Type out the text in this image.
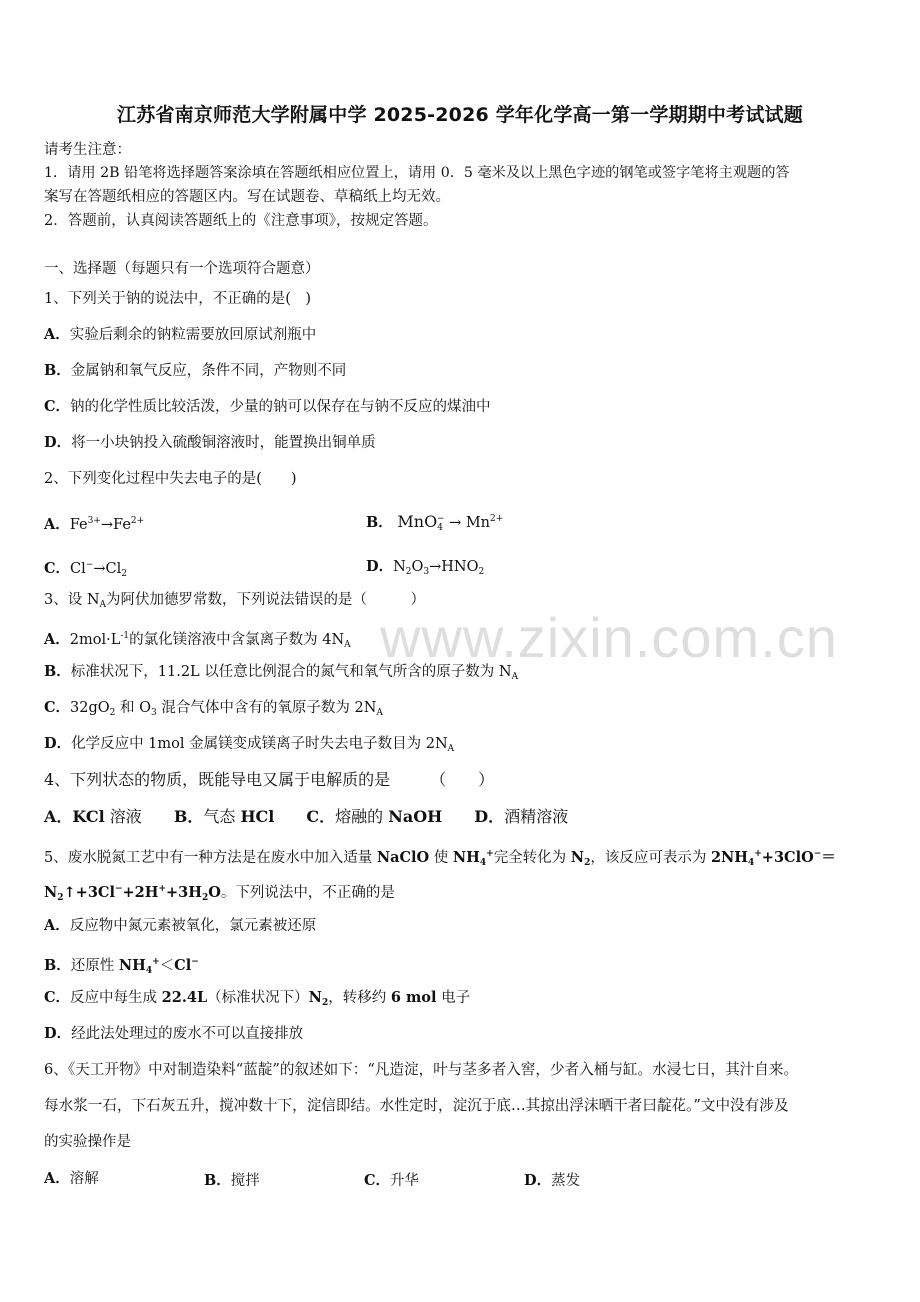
江苏省南京师范大学附属中学 2025-2026 学年化学高一第一学期期中考试试题
请考生注意：
1．请用 2B 铅笔将选择题答案涂填在答题纸相应位置上，请用 0．5 毫米及以上黑色字迹的钢笔或签字笔将主观题的答
案写在答题纸相应的答题区内。写在试题卷、草稿纸上均无效。
2．答题前，认真阅读答题纸上的《注意事项》，按规定答题。
一、选择题（每题只有一个选项符合题意）
1、下列关于钠的说法中，不正确的是(　)
A．实验后剩余的钠粒需要放回原试剂瓶中
B．金属钠和氧气反应，条件不同，产物则不同
C．钠的化学性质比较活泼，少量的钠可以保存在与钠不反应的煤油中
D．将一小块钠投入硫酸铜溶液时，能置换出铜单质
2、下列变化过程中失去电子的是(　　)
A．$Fe^{3+}\to Fe^{2+}$	B． $MnO_4^- \to Mn^{2+}$
C．$Cl^-\to Cl_2$	D．$N_2O_3\to HNO_2$
3、设 $N_A$为阿伏加德罗常数，下列说法错误的是（　　　）
A．$2mol\cdot L^{-1}$的氯化镁溶液中含氯离子数为 $4N_A$
B．标准状况下，11.2L 以任意比例混合的氮气和氧气所含的原子数为 $N_A$
C．$32gO_2$ 和 $O_3$ 混合气体中含有的氧原子数为 $2N_A$
D．化学反应中 1mol 金属镁变成镁离子时失去电子数目为 $2N_A$
www.zixin.com.cn
4、下列状态的物质，既能导电又属于电解质的是　　　（　　）
A．KCl 溶液　　B．气态 HCl　　 C．熔融的 NaOH　　 D．酒精溶液
5、废水脱氮工艺中有一种方法是在废水中加入适量 NaClO 使 $NH_4^+$完全转化为 $N_2$，该反应可表示为 $2NH_4^++3ClO^-=$
$N_2↑+3Cl^-+2H^++3H_2O$。下列说法中，不正确的是
A．反应物中氮元素被氧化，氯元素被还原
B．还原性 $NH_4^+<Cl^-$
C．反应中每生成 22.4L（标准状况下）$N_2$，转移约 6 mol 电子
D．经此法处理过的废水不可以直接排放
6、《天工开物》中对制造染料“蓝靛”的叙述如下：“凡造淀，叶与茎多者入窖，少者入桶与缸。水浸七日，其汁自来。
每水浆一石，下石灰五升，搅冲数十下，淀信即结。水性定时，淀沉于底…其掠出浮沫晒干者曰靛花。”文中没有涉及
的实验操作是
A．溶解	B．搅拌	C．升华	D．蒸发
